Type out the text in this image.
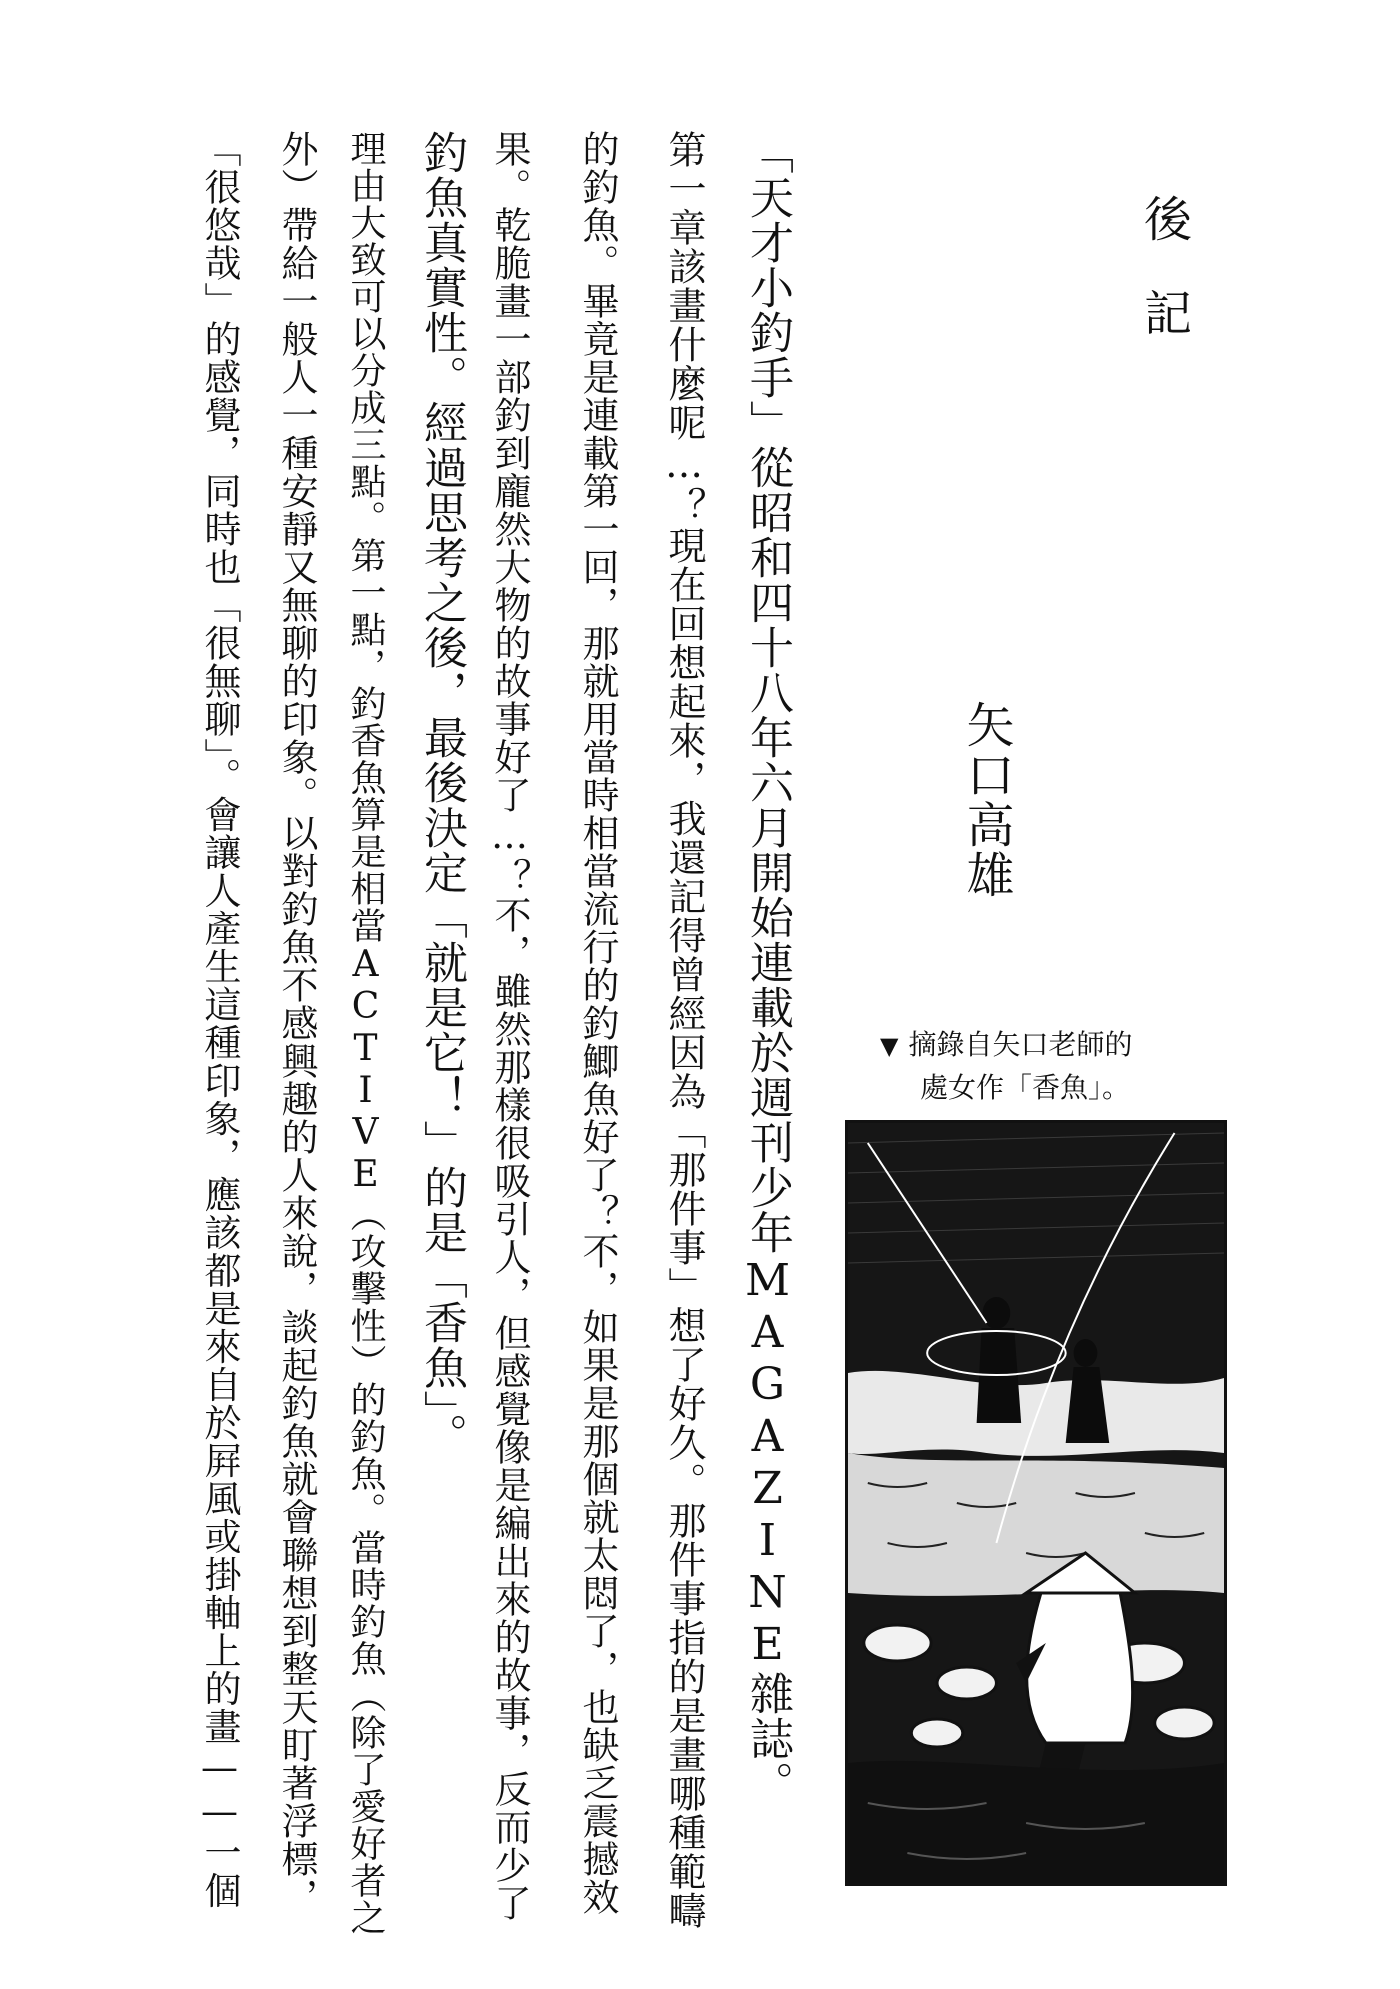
後
記
矢口高雄
▼ 摘錄自矢口老師的
處女作「香魚」。
「天才小釣手」從昭和四十八年六月開始連載於週刊少年MAGAZINE雜誌。
第一章該畫什麼呢…？現在回想起來，我還記得曾經因為「那件事」想了好久。那件事指的是畫哪種範疇
的釣魚。畢竟是連載第一回，那就用當時相當流行的釣鯽魚好了？不，如果是那個就太悶了，也缺乏震撼效
果。乾脆畫一部釣到龐然大物的故事好了…？不，雖然那樣很吸引人，但感覺像是編出來的故事，反而少了
釣魚真實性。經過思考之後，最後決定「就是它！」的是「香魚」。
理由大致可以分成三點。第一點，釣香魚算是相當ACTIVE（攻擊性）的釣魚。當時釣魚（除了愛好者之
外）帶給一般人一種安靜又無聊的印象。以對釣魚不感興趣的人來說，談起釣魚就會聯想到整天盯著浮標，
「很悠哉」的感覺，同時也「很無聊」。會讓人產生這種印象，應該都是來自於屛風或掛軸上的畫——一個
